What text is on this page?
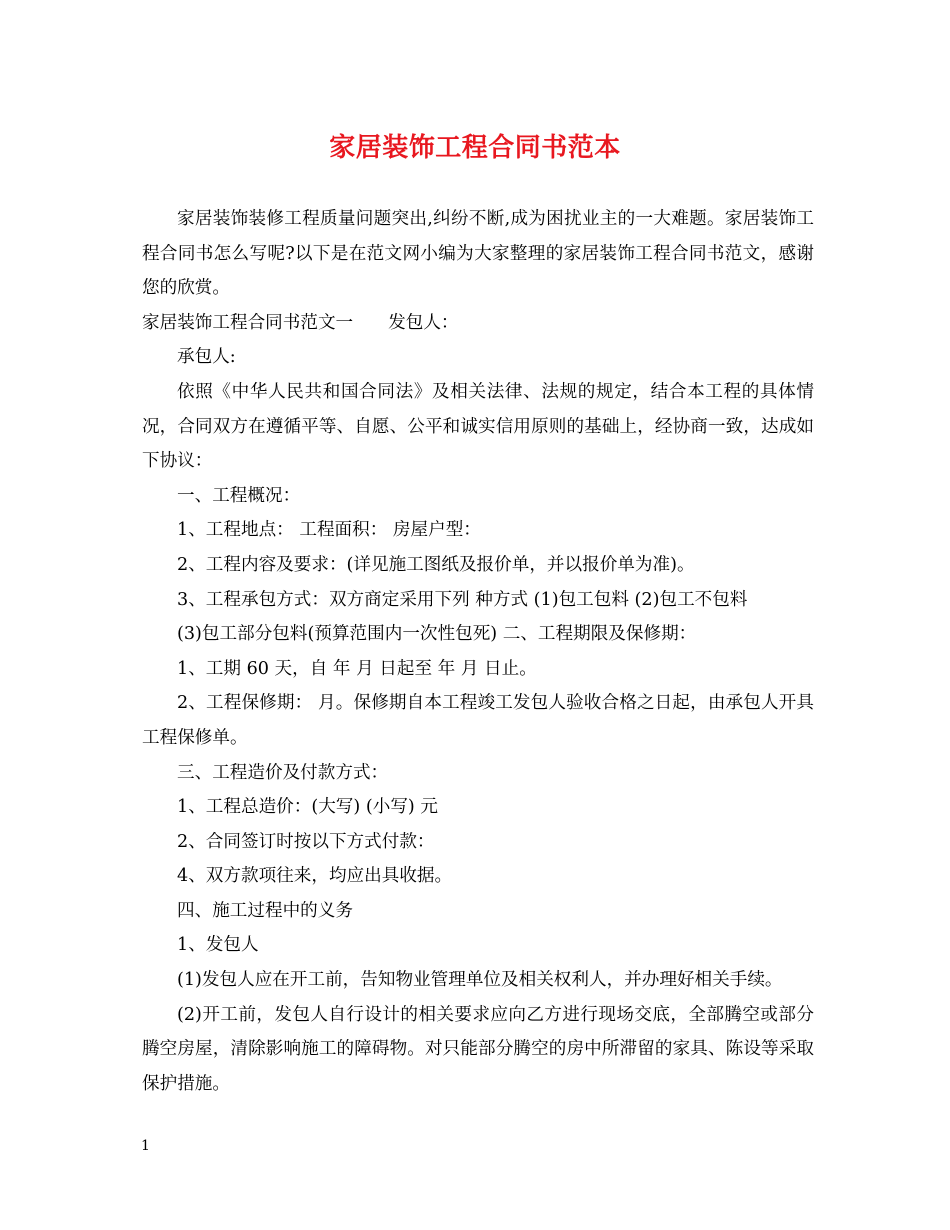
家居装饰工程合同书范本

家居装饰装修工程质量问题突出,纠纷不断,成为困扰业主的一大难题。家居装饰工程合同书怎么写呢?以下是在范文网小编为大家整理的家居装饰工程合同书范文，感谢您的欣赏。

家居装饰工程合同书范文一 发包人：

承包人:

依照《中华人民共和国合同法》及相关法律、法规的规定，结合本工程的具体情况，合同双方在遵循平等、自愿、公平和诚实信用原则的基础上，经协商一致，达成如下协议：

一、工程概况：

1、工程地点： 工程面积： 房屋户型：

2、工程内容及要求：(详见施工图纸及报价单，并以报价单为准)。

3、工程承包方式：双方商定采用下列 种方式 (1)包工包料 (2)包工不包料

(3)包工部分包料(预算范围内一次性包死) 二、工程期限及保修期：

1、工期 60 天，自 年 月 日起至 年 月 日止。

2、工程保修期： 月。保修期自本工程竣工发包人验收合格之日起，由承包人开具工程保修单。

三、工程造价及付款方式：

1、工程总造价：(大写) (小写) 元

2、合同签订时按以下方式付款：

4、双方款项往来，均应出具收据。

四、施工过程中的义务

1、发包人

(1)发包人应在开工前，告知物业管理单位及相关权利人，并办理好相关手续。

(2)开工前，发包人自行设计的相关要求应向乙方进行现场交底，全部腾空或部分腾空房屋，清除影响施工的障碍物。对只能部分腾空的房中所滞留的家具、陈设等采取保护措施。

1
